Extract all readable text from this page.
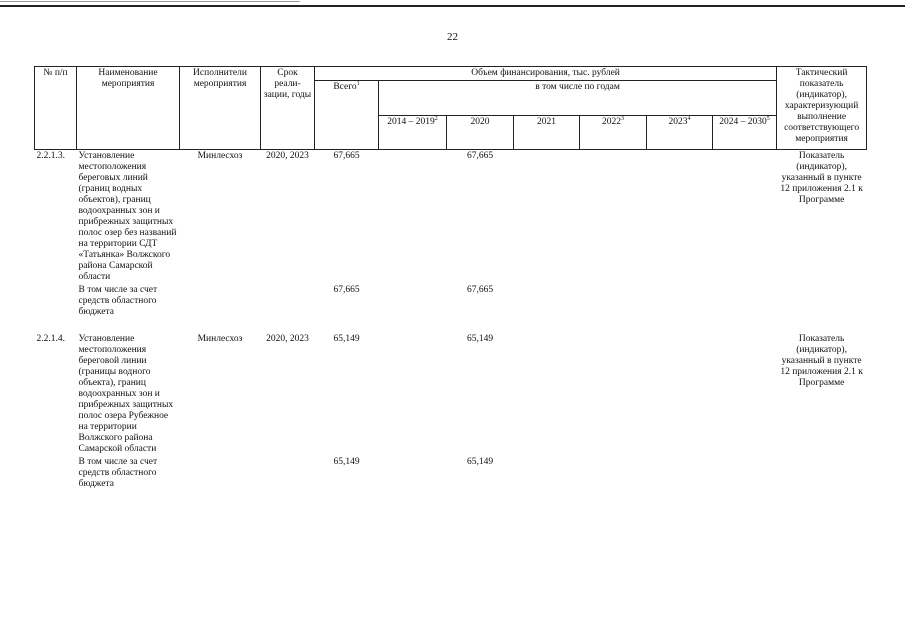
22
№ п/п	Наименование мероприятия	Исполнители мероприятия	Срок реали-зации, годы	Объем финансирования, тыс. рублей							Тактический показатель (индикатор), характеризующий выполнение соответствующего мероприятия
				Всего$^1$	в том числе по годам						
					2014 – 2019$^2$	2020	2021	2022$^3$	2023$^4$	2024 – 2030$^5$
2.2.1.3.	Установление местоположения береговых линий (границ водных объектов), границ водоохранных зон и прибрежных защитных полос озер без названий на территории СДТ «Татьянка» Волжского района Самарской области	Минлесхоз	2020, 2023	67,665		67,665					Показатель (индикатор), указанный в пункте 12 приложения 2.1 к Программе
	В том числе за счет средств областного бюджета			67,665		67,665					

2.2.1.4.	Установление местоположения береговой линии (границы водного объекта), границ водоохранных зон и прибрежных защитных полос озера Рубежное на территории Волжского района Самарской области	Минлесхоз	2020, 2023	65,149		65,149					Показатель (индикатор), указанный в пункте 12 приложения 2.1 к Программе
	В том числе за счет средств областного бюджета			65,149		65,149					
